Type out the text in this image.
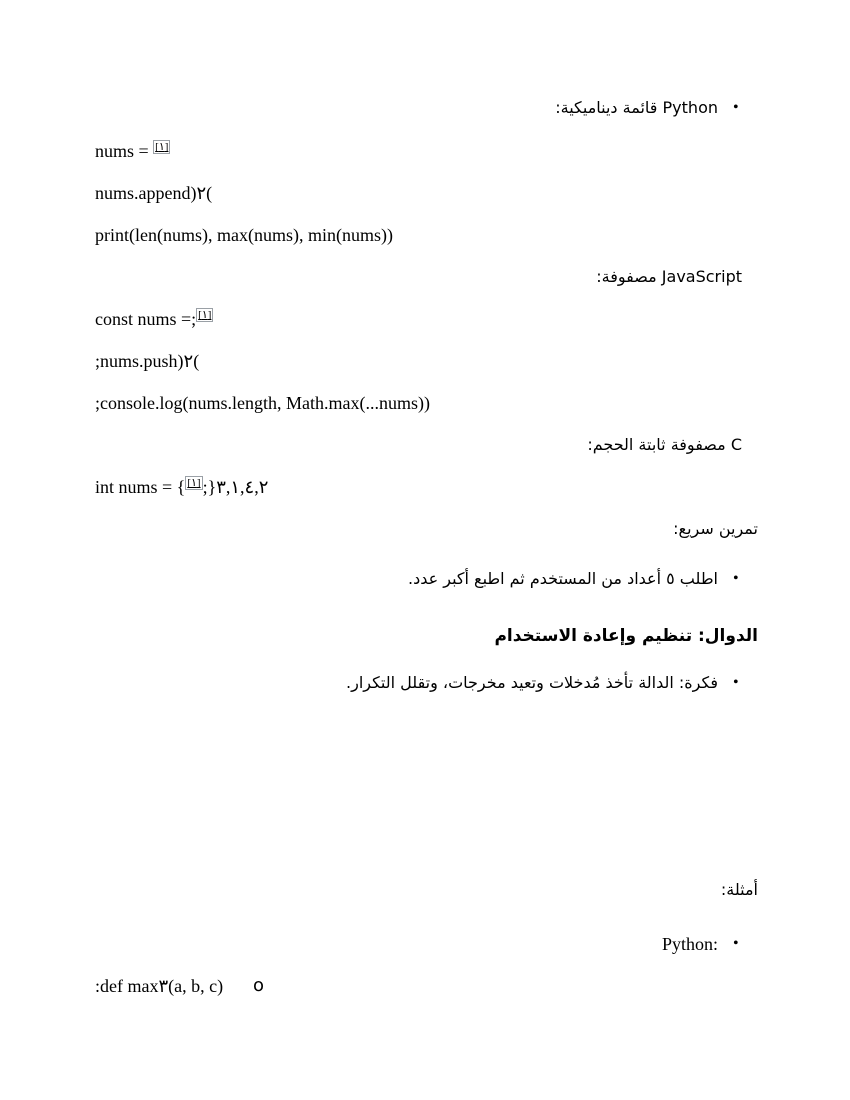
•
Python قائمة ديناميكية:
nums = [١]
nums.append)٢(
print(len(nums), max(nums), min(nums))
JavaScript مصفوفة:
const nums =; [١]
;nums.push)٢(
;console.log(nums.length, Math.max(...nums))
C مصفوفة ثابتة الحجم:
int nums = {٣,١,٤,٢{;[١]
تمرين سريع:
•
اطلب ٥ أعداد من المستخدم ثم اطبع أكبر عدد.
الدوال: تنظيم وإعادة الاستخدام
•
فكرة: الدالة تأخذ مُدخلات وتعيد مخرجات، وتقلل التكرار.
أمثلة:
•
:Python
o
:def max٣(a, b, c)
